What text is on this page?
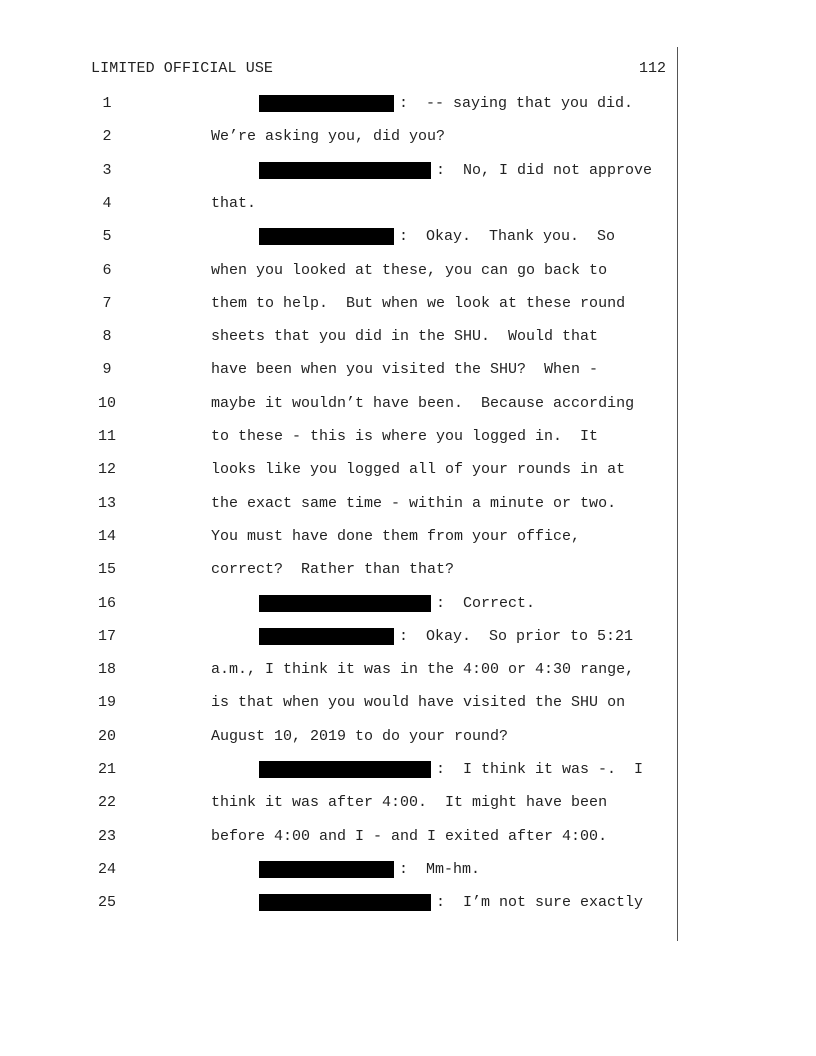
LIMITED OFFICIAL USE	112
1	:  -- saying that you did.
2	We’re asking you, did you?
3	:  No, I did not approve
4	that.
5	:  Okay.  Thank you.  So
6	when you looked at these, you can go back to
7	them to help.  But when we look at these round
8	sheets that you did in the SHU.  Would that
9	have been when you visited the SHU?  When -
10	maybe it wouldn’t have been.  Because according
11	to these - this is where you logged in.  It
12	looks like you logged all of your rounds in at
13	the exact same time - within a minute or two.
14	You must have done them from your office,
15	correct?  Rather than that?
16	:  Correct.
17	:  Okay.  So prior to 5:21
18	a.m., I think it was in the 4:00 or 4:30 range,
19	is that when you would have visited the SHU on
20	August 10, 2019 to do your round?
21	:  I think it was -.  I
22	think it was after 4:00.  It might have been
23	before 4:00 and I - and I exited after 4:00.
24	:  Mm-hm.
25	:  I’m not sure exactly
